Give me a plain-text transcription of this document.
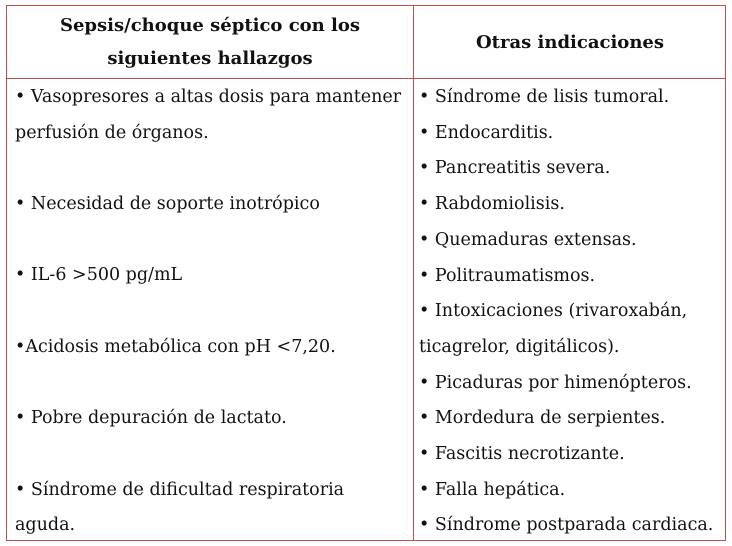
Sepsis/choque séptico con los
siguientes hallazgos
Otras indicaciones
• Vasopresores a altas dosis para mantener
perfusión de órganos.
• Necesidad de soporte inotrópico
• IL-6 >500 pg/mL
•Acidosis metabólica con pH <7,20.
• Pobre depuración de lactato.
• Síndrome de dificultad respiratoria
aguda.
• Síndrome de lisis tumoral.
• Endocarditis.
• Pancreatitis severa.
• Rabdomiolisis.
• Quemaduras extensas.
• Politraumatismos.
• Intoxicaciones (rivaroxabán,
ticagrelor, digitálicos).
• Picaduras por himenópteros.
• Mordedura de serpientes.
• Fascitis necrotizante.
• Falla hepática.
• Síndrome postparada cardiaca.
